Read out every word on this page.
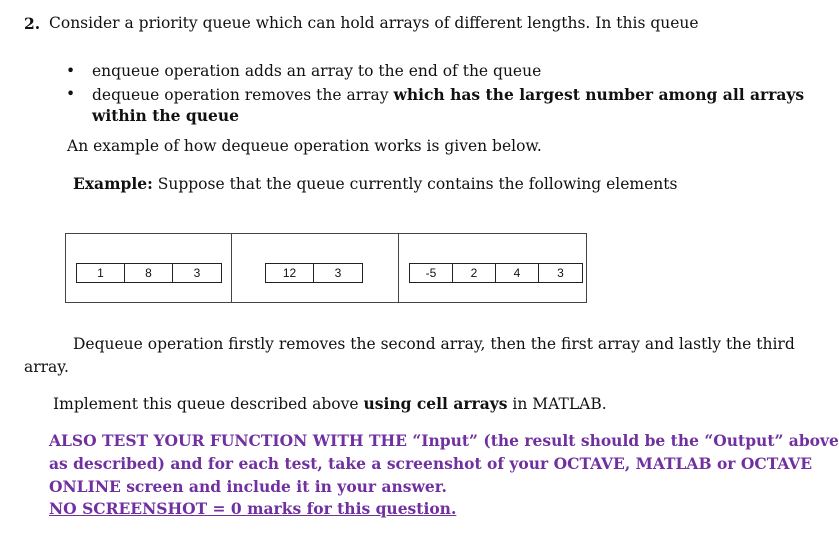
2. Consider a priority queue which can hold arrays of different lengths. In this queue
• enqueue operation adds an array to the end of the queue
• dequeue operation removes the array which has the largest number among all arrays
within the queue
An example of how dequeue operation works is given below.
Example: Suppose that the queue currently contains the following elements
1	8	3	12	3	-5	2	4	3
Dequeue operation firstly removes the second array, then the first array and lastly the third
array.
Implement this queue described above using cell arrays in MATLAB.
ALSO TEST YOUR FUNCTION WITH THE “Input” (the result should be the “Output” above
as described) and for each test, take a screenshot of your OCTAVE, MATLAB or OCTAVE
ONLINE screen and include it in your answer.
NO SCREENSHOT = 0 marks for this question.
